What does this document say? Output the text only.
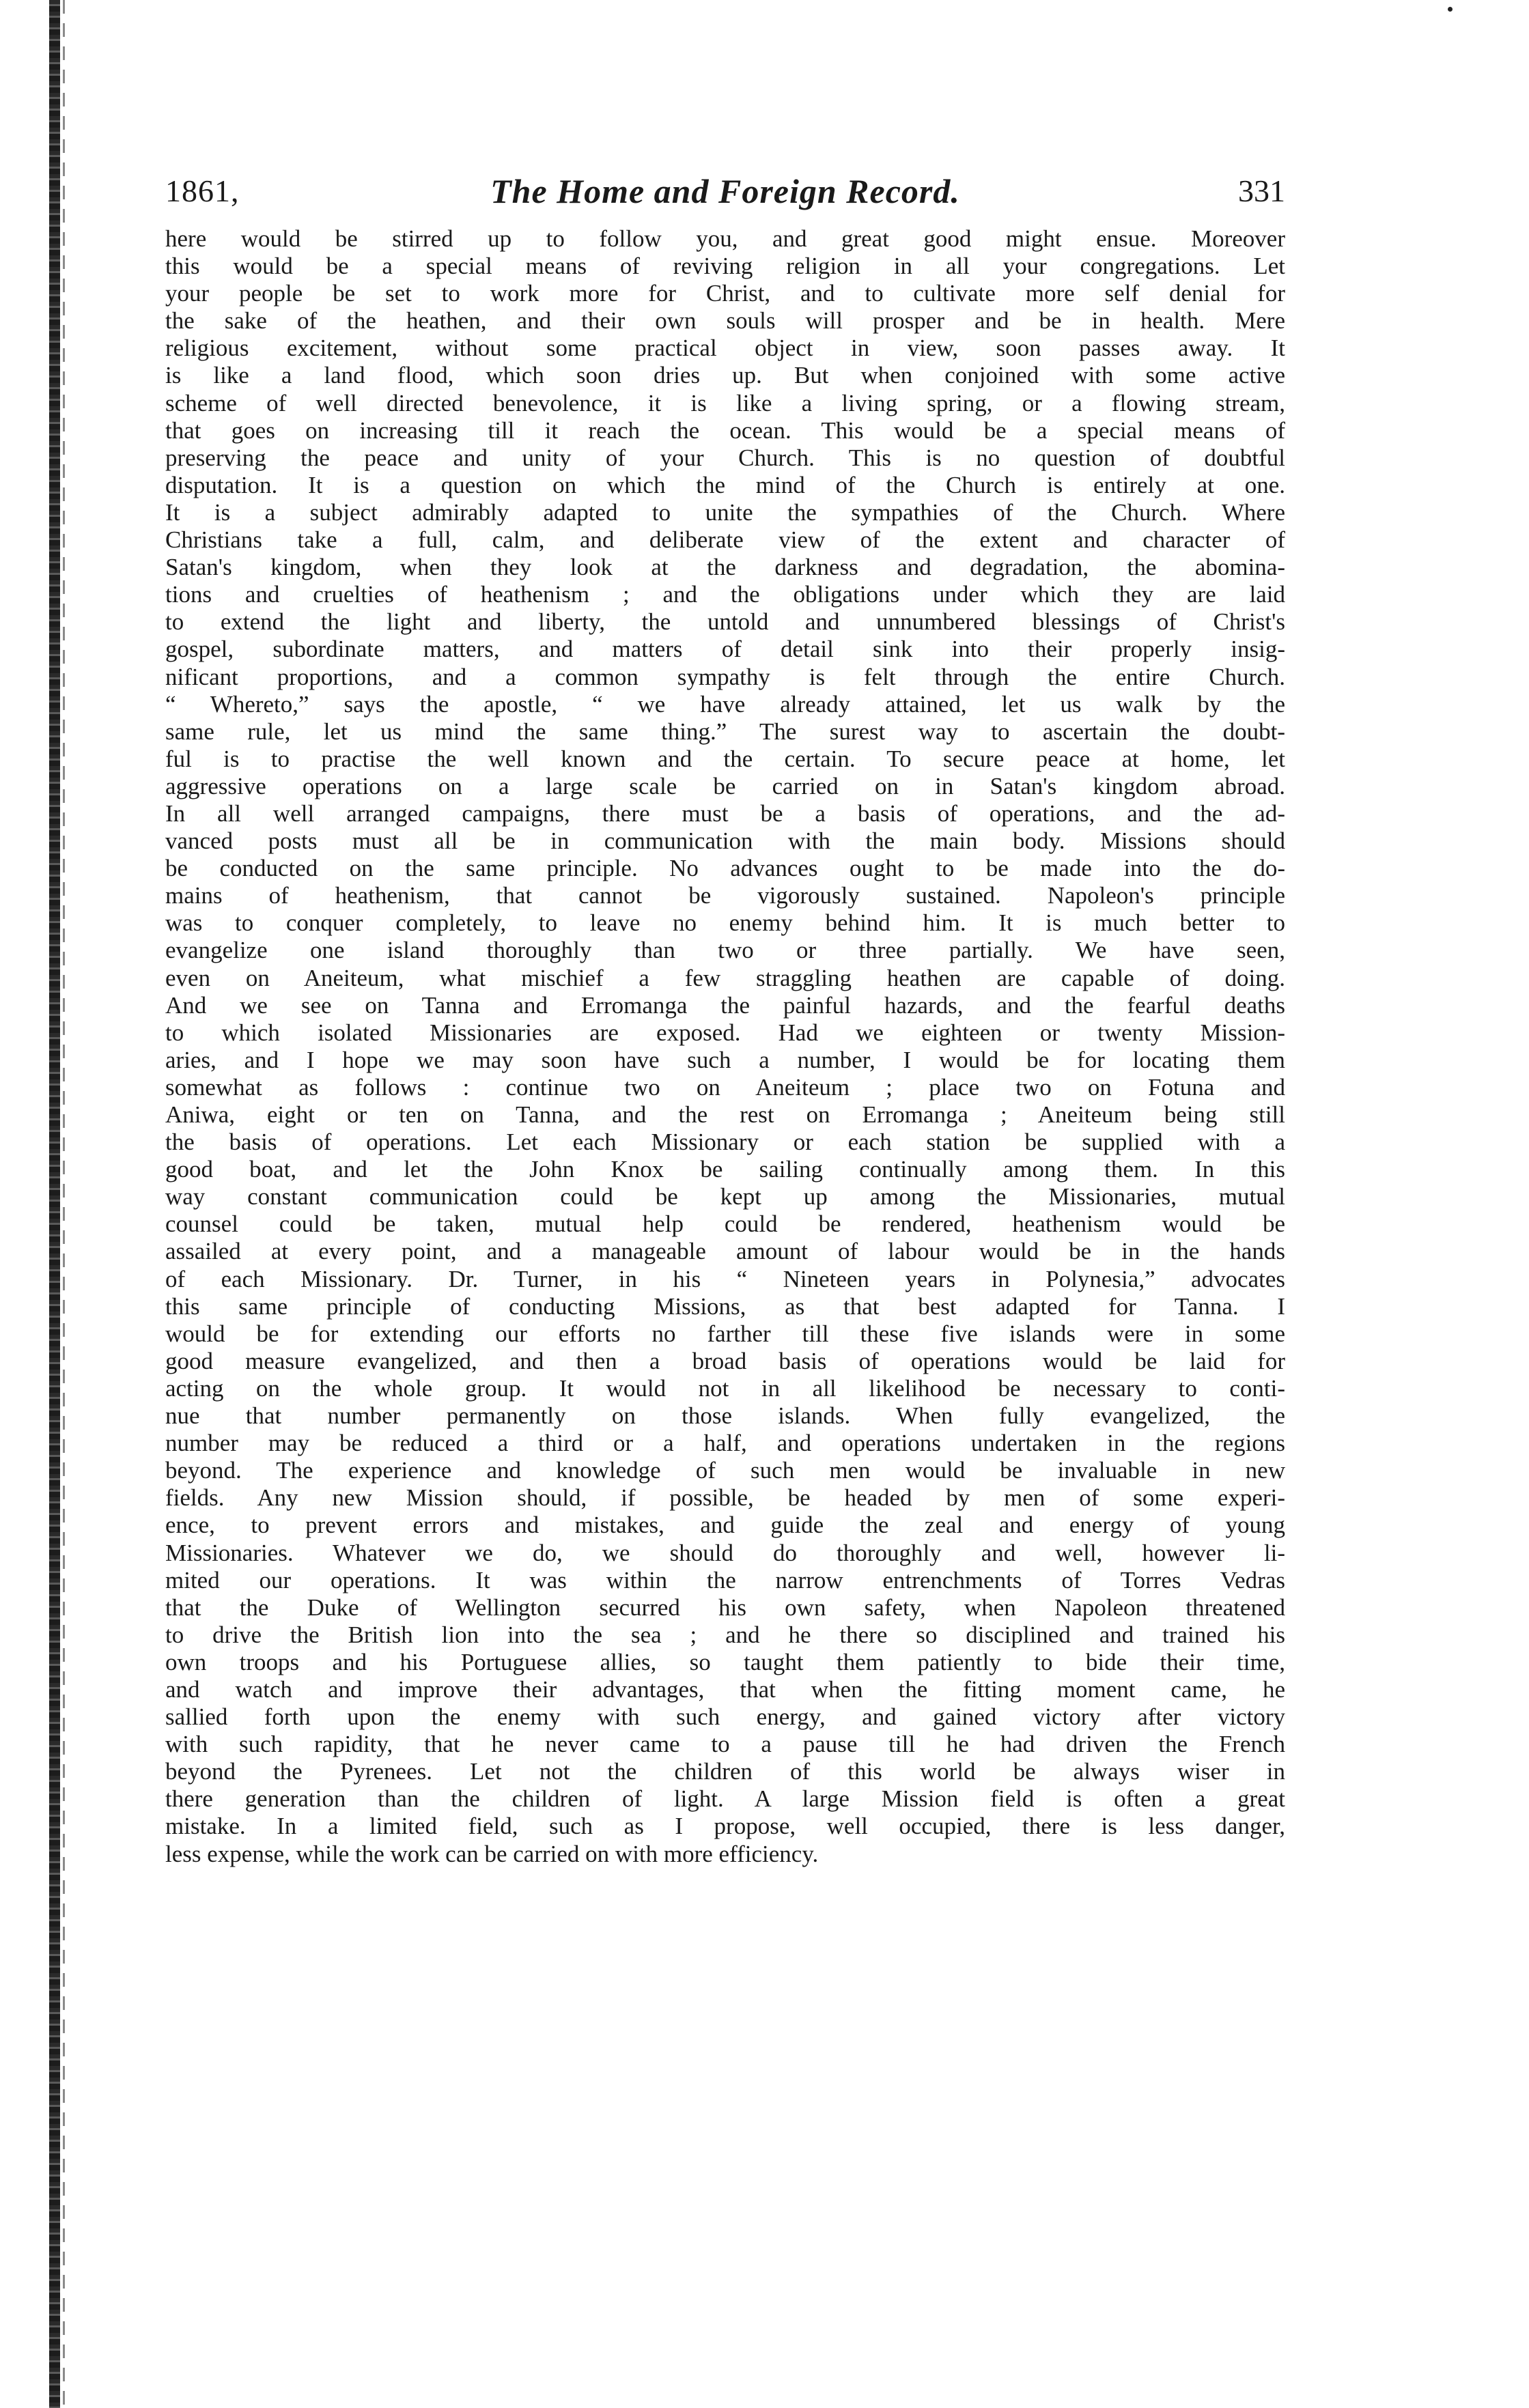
1861,	The Home and Foreign Record.	331
here would be stirred up to follow you, and great good might ensue. Moreover
this would be a special means of reviving religion in all your congregations. Let
your people be set to work more for Christ, and to cultivate more self denial for
the sake of the heathen, and their own souls will prosper and be in health. Mere
religious excitement, without some practical object in view, soon passes away. It
is like a land flood, which soon dries up. But when conjoined with some active
scheme of well directed benevolence, it is like a living spring, or a flowing stream,
that goes on increasing till it reach the ocean. This would be a special means of
preserving the peace and unity of your Church. This is no question of doubtful
disputation. It is a question on which the mind of the Church is entirely at one.
It is a subject admirably adapted to unite the sympathies of the Church. Where
Christians take a full, calm, and deliberate view of the extent and character of
Satan's kingdom, when they look at the darkness and degradation, the abomina-
tions and cruelties of heathenism ; and the obligations under which they are laid
to extend the light and liberty, the untold and unnumbered blessings of Christ's
gospel, subordinate matters, and matters of detail sink into their properly insig-
nificant proportions, and a common sympathy is felt through the entire Church.
“ Whereto,” says the apostle, “ we have already attained, let us walk by the
same rule, let us mind the same thing.” The surest way to ascertain the doubt-
ful is to practise the well known and the certain. To secure peace at home, let
aggressive operations on a large scale be carried on in Satan's kingdom abroad.
In all well arranged campaigns, there must be a basis of operations, and the ad-
vanced posts must all be in communication with the main body. Missions should
be conducted on the same principle. No advances ought to be made into the do-
mains of heathenism, that cannot be vigorously sustained. Napoleon's principle
was to conquer completely, to leave no enemy behind him. It is much better to
evangelize one island thoroughly than two or three partially. We have seen,
even on Aneiteum, what mischief a few straggling heathen are capable of doing.
And we see on Tanna and Erromanga the painful hazards, and the fearful deaths
to which isolated Missionaries are exposed. Had we eighteen or twenty Mission-
aries, and I hope we may soon have such a number, I would be for locating them
somewhat as follows : continue two on Aneiteum ; place two on Fotuna and
Aniwa, eight or ten on Tanna, and the rest on Erromanga ; Aneiteum being still
the basis of operations. Let each Missionary or each station be supplied with a
good boat, and let the John Knox be sailing continually among them. In this
way constant communication could be kept up among the Missionaries, mutual
counsel could be taken, mutual help could be rendered, heathenism would be
assailed at every point, and a manageable amount of labour would be in the hands
of each Missionary. Dr. Turner, in his “ Nineteen years in Polynesia,” advocates
this same principle of conducting Missions, as that best adapted for Tanna. I
would be for extending our efforts no farther till these five islands were in some
good measure evangelized, and then a broad basis of operations would be laid for
acting on the whole group. It would not in all likelihood be necessary to conti-
nue that number permanently on those islands. When fully evangelized, the
number may be reduced a third or a half, and operations undertaken in the regions
beyond. The experience and knowledge of such men would be invaluable in new
fields. Any new Mission should, if possible, be headed by men of some experi-
ence, to prevent errors and mistakes, and guide the zeal and energy of young
Missionaries. Whatever we do, we should do thoroughly and well, however li-
mited our operations. It was within the narrow entrenchments of Torres Vedras
that the Duke of Wellington securred his own safety, when Napoleon threatened
to drive the British lion into the sea ; and he there so disciplined and trained his
own troops and his Portuguese allies, so taught them patiently to bide their time,
and watch and improve their advantages, that when the fitting moment came, he
sallied forth upon the enemy with such energy, and gained victory after victory
with such rapidity, that he never came to a pause till he had driven the French
beyond the Pyrenees. Let not the children of this world be always wiser in
there generation than the children of light. A large Mission field is often a great
mistake. In a limited field, such as I propose, well occupied, there is less danger,
less expense, while the work can be carried on with more efficiency.
